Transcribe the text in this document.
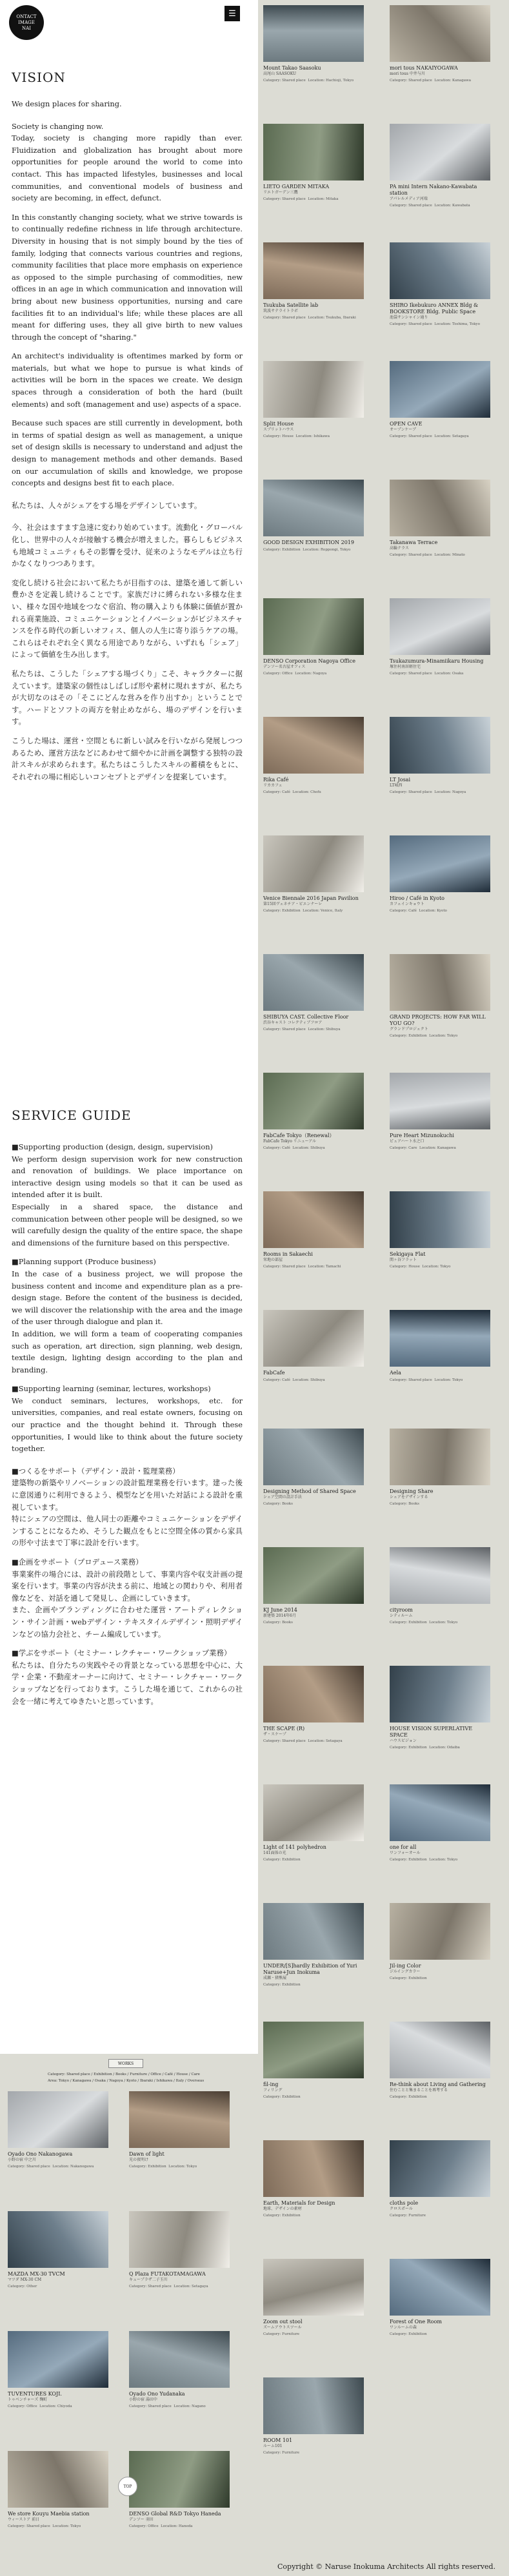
ONTACT
IMAGE
NAI
☰
VISION

We design places for sharing.

Society is changing now.
Today, society is changing more rapidly than ever. Fluidization and globalization has brought about more opportunities for people around the world to come into contact. This has impacted lifestyles, businesses and local communities, and conventional models of business and society are becoming, in effect, defunct.

In this constantly changing society, what we strive towards is to continually redefine richness in life through architecture. Diversity in housing that is not simply bound by the ties of family, lodging that connects various countries and regions, community facilities that place more emphasis on experience as opposed to the simple purchasing of commodities, new offices in an age in which communication and innovation will bring about new business opportunities, nursing and care facilities fit to an individual's life; while these places are all meant for differing uses, they all give birth to new values through the concept of "sharing."

An architect's individuality is oftentimes marked by form or materials, but what we hope to pursue is what kinds of activities will be born in the spaces we create. We design spaces through a consideration of both the hard (built elements) and soft (management and use) aspects of a space.

Because such spaces are still currently in development, both in terms of spatial design as well as management, a unique set of design skills is necessary to understand and adjust the design to management methods and other demands. Based on our accumulation of skills and knowledge, we propose concepts and designs best fit to each place.

私たちは、人々がシェアをする場をデザインしています。

今、社会はますます急速に変わり始めています。流動化・グローバル化し、世界中の人々が接触する機会が増えました。暮らしもビジネスも地域コミュニティもその影響を受け、従来のようなモデルは立ち行かなくなりつつあります。

変化し続ける社会において私たちが目指すのは、建築を通して新しい豊かさを定義し続けることです。家族だけに縛られない多様な住まい、様々な国や地域をつなぐ宿泊、物の購入よりも体験に価値が置かれる商業施設、コミュニケーションとイノベーションがビジネスチャンスを作る時代の新しいオフィス、個人の人生に寄り添うケアの場。これらはそれぞれ全く異なる用途でありながら、いずれも「シェア」によって価値を生み出します。

私たちは、こうした「シェアする場づくり」こそ、キャラクターに据えています。建築家の個性はしばしば形や素材に現れますが、私たちが大切なのはその「そこにどんな営みを作り出すか」ということです。ハードとソフトの両方を射止めながら、場のデザインを行います。

こうした場は、運営・空間ともに新しい試みを行いながら発展しつつあるため、運営方法などにあわせて細やかに計画を調整する独特の設計スキルが求められます。私たちはこうしたスキルの蓄積をもとに、それぞれの場に相応しいコンセプトとデザインを提案しています。

SERVICE GUIDE

■Supporting production (design, design, supervision)

We perform design supervision work for new construction and renovation of buildings. We place importance on interactive design using models so that it can be used as intended after it is built.
Especially in a shared space, the distance and communication between other people will be designed, so we will carefully design the quality of the entire space, the shape and dimensions of the furniture based on this perspective.

■Planning support (Produce business)

In the case of a business project, we will propose the business content and income and expenditure plan as a pre-design stage. Before the content of the business is decided, we will discover the relationship with the area and the image of the user through dialogue and plan it.
In addition, we will form a team of cooperating companies such as operation, art direction, sign planning, web design, textile design, lighting design according to the plan and branding.

■Supporting learning (seminar, lectures, workshops)

We conduct seminars, lectures, workshops, etc. for universities, companies, and real estate owners, focusing on our practice and the thought behind it. Through these opportunities, I would like to think about the future society together.

■つくるをサポート（デザイン・設計・監理業務）

建築物の新築やリノベーションの設計監理業務を行います。建った後に意図通りに利用できるよう、模型などを用いた対話による設計を重視しています。
特にシェアの空間は、他人同士の距離やコミュニケーションをデザインすることになるため、そうした観点をもとに空間全体の質から家具の形や寸法まで丁寧に設計を行います。

■企画をサポート（プロデュース業務）

事業案件の場合には、設計の前段階として、事業内容や収支計画の提案を行います。事業の内容が決まる前に、地域との関わりや、利用者像などを、対話を通して発見し、企画にしていきます。
また、企画やブランディングに合わせた運営・アートディレクション・サイン計画・webデザイン・テキスタイルデザイン・照明デザインなどの協力会社と、チーム編成しています。

■学ぶをサポート（セミナー・レクチャー・ワークショップ業務）

私たちは、自分たちの実践やその背景となっている思想を中心に、大学・企業・不動産オーナーに向けて、セミナー・レクチャー・ワークショップなどを行っております。こうした場を通じて、これからの社会を一緒に考えてゆきたいと思っています。

WORKS
Category: Shared place / Exhibition / Books / Furniture / Office / Café / House / Care
Area: Tokyo / Kanagawa / Osaka / Nagoya / Kyoto / Ibaraki / Ishikawa / Italy / Overseas
Oyado Ono Nakanogawa
小野の宿 中之川
Category: Shared place  Location: Nakanogawa
Dawn of light
光の夜明け
Category: Exhibition  Location: Tokyo
MAZDA MX-30 TVCM
マツダ MX-30 CM
Category: Other
Q Plaza FUTAKOTAMAGAWA
キュープラザ二子玉川
Category: Shared place  Location: Setagaya
TUVENTURES KOJI.
トゥベンチャーズ 麹町
Category: Office  Location: Chiyoda
Oyado Ono Yudanaka
小野の宿 湯田中
Category: Shared place  Location: Nagano
We store Kouyu Maebia station
ウィーストア 前日
Category: Shared place  Location: Tokyo
DENSO Global R&D Tokyo Haneda
デンソー 羽田
Category: Office  Location: Haneda
Mount Takao Saasoku
高尾山 SAASOKU
Category: Shared place  Location: Hachioji, Tokyo
mori tous NAKAIYOGAWA
mori tous 中井与川
Category: Shared place  Location: Kanagawa
LIETO GARDEN MITAKA
リエトガーデン三鷹
Category: Shared place  Location: Mitaka
PA mini Intern Nakano-Kawabata station
アパレルメディア河端
Category: Shared place  Location: Kawabata
Tsukuba Satellite lab
筑波サテライトラボ
Category: Shared place  Location: Tsukuba, Ibaraki
SHIRO Ikebukuro ANNEX Bldg & BOOKSTORE Bldg. Public Space
池袋サンシャイン通り
Category: Shared place  Location: Toshima, Tokyo
Split House
スプリットハウス
Category: House  Location: Ishikawa
OPEN CAVE
オープンケーブ
Category: Shared place  Location: Setagaya
GOOD DESIGN EXHIBITION 2019
Category: Exhibition  Location: Roppongi, Tokyo
Takanawa Terrace
高輪テラス
Category: Shared place  Location: Minato
DENSO Corporation Nagoya Office
デンソー名古屋オフィス
Category: Office  Location: Nagoya
Tsukazumura-Minamiikaru Housing
塚住村南居軽住宅
Category: Shared place  Location: Osaka
Rika Café
リカカフェ
Category: Café  Location: Chofu
LT Josai
LT城西
Category: Shared place  Location: Nagoya
Venice Biennale 2016 Japan Pavilion
第15回ヴェネチア・ビエンナーレ
Category: Exhibition  Location: Venice, Italy
Hiroo / Café in Kyoto
カフェインキョウト
Category: Café  Location: Kyoto
SHIBUYA CAST. Collective Floor
渋谷キャスト コレクティブフロア
Category: Shared place  Location: Shibuya
GRAND PROJECTS: HOW FAR WILL YOU GO?
グランドプロジェクト
Category: Exhibition  Location: Tokyo
FabCafe Tokyo（Renewal）
FabCafe Tokyo リニューアル
Category: Café  Location: Shibuya
Pure Heart Mizunokuchi
ピュアハート水之口
Category: Care  Location: Kanagawa
Rooms in Sakaechi
栄地の部屋
Category: Shared place  Location: Tamachi
Sekigaya Flat
関ヶ谷フラット
Category: House  Location: Tokyo
FabCafe
Category: Café  Location: Shibuya
Aela
Category: Shared place  Location: Tokyo
Designing Method of Shared Space
シェア空間の設計手法
Category: Books
Designing Share
シェアをデザインする
Category: Books
KJ June 2014
新建築 2014年6月
Category: Books
cityroom
シティルーム
Category: Exhibition  Location: Tokyo
THE SCAPE (R)
ザ・スケープ
Category: Shared place  Location: Setagaya
HOUSE VISION SUPERLATIVE SPACE
ハウスビジョン
Category: Exhibition  Location: Odaiba
Light of 141 polyhedron
141面体の光
Category: Exhibition
one for all
ワンフォーオール
Category: Exhibition  Location: Tokyo
UNDER/[S]hardly Exhibition of Yuri Naruse+Jun Inokuma
成瀬・猪熊展
Category: Exhibition
Jil-ing Color
ジルイングカラー
Category: Exhibition
fil-ing
フィリング
Category: Exhibition
Re-think about Living and Gathering
住むことと集まることを再考する
Category: Exhibition
Earth, Materials for Design
地球、デザインの素材
Category: Exhibition
cloths pole
クロスポール
Category: Furniture
Zoom out stool
ズームアウトスツール
Category: Furniture
Forest of One Room
ワンルームの森
Category: Exhibition
ROOM 101
ルーム101
Category: Furniture
TOP
Copyright © Naruse Inokuma Architects All rights reserved.
